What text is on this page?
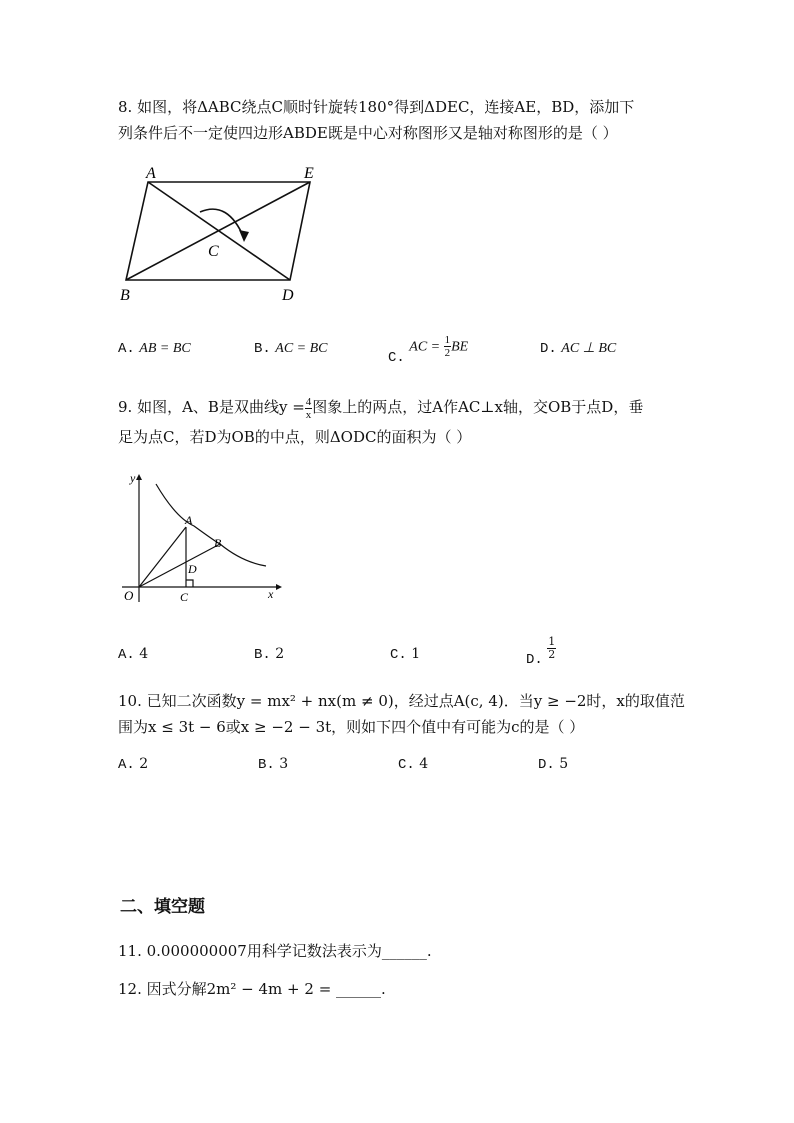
8. 如图，将ΔABC绕点C顺时针旋转180°得到ΔDEC，连接AE，BD，添加下
列条件后不一定使四边形ABDE既是中心对称图形又是轴对称图形的是（ ）
A	E
C
B	D
A. AB = BC	B. AC = BC
C. AC = $\frac{1}{2}$ BE	D. AC ⊥ BC
9. 如图，A、B是双曲线$y = \frac{4}{x}$ 图象上的两点，过A作AC⊥x轴，交OB于点D，垂
足为点C，若D为OB的中点，则ΔODC的面积为（ ）
y
x
O
A
B
C
D
A. 4	B. 2	C. 1	D. $\frac{1}{2}$
10. 已知二次函数y = mx² + nx(m ≠ 0)，经过点A(c, 4)．当y ≥ −2时，x的取值范
围为x ≤ 3t − 6或x ≥ −2 − 3t，则如下四个值中有可能为c的是（ ）
A. 2	B. 3	C. 4	D. 5
二、填空题
11. 0.000000007用科学记数法表示为______.
12. 因式分解2m² − 4m + 2 = ______.
